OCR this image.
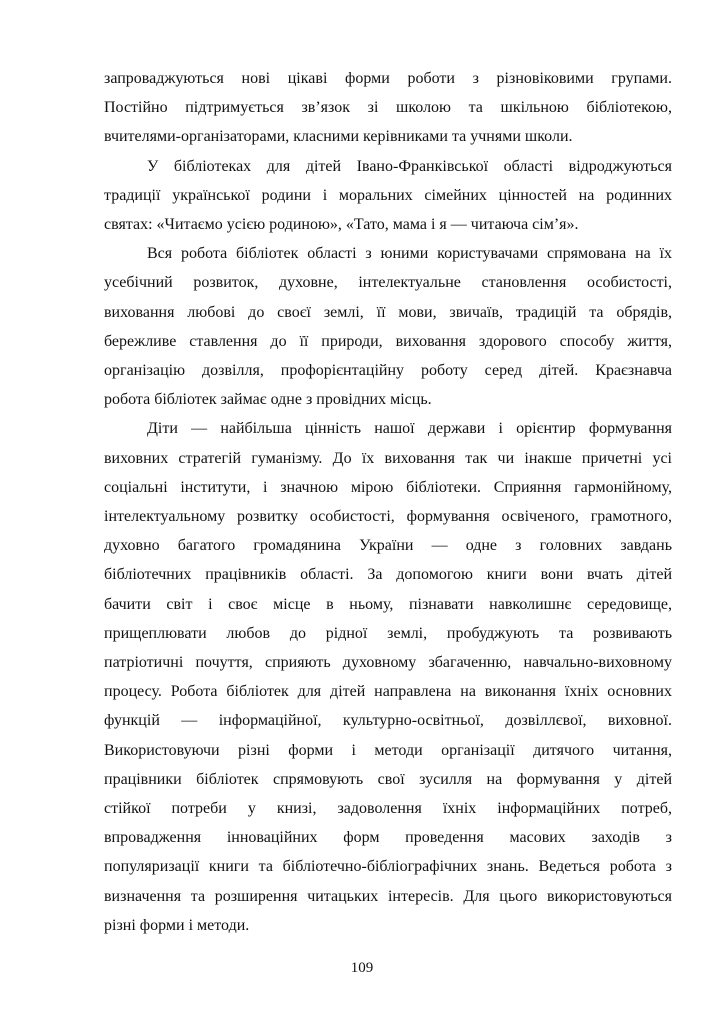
запроваджуються нові цікаві форми роботи з різновіковими групами.
Постійно підтримується зв’язок зі школою та шкільною бібліотекою,
вчителями-організаторами, класними керівниками та учнями школи.

У бібліотеках для дітей Івано-Франківської області відроджуються
традиції української родини і моральних сімейних цінностей на родинних
святах: «Читаємо усією родиною», «Тато, мама і я — читаюча сім’я».

Вся робота бібліотек області з юними користувачами спрямована на їх
усебічний розвиток, духовне, інтелектуальне становлення особистості,
виховання любові до своєї землі, її мови, звичаїв, традицій та обрядів,
бережливе ставлення до її природи, виховання здорового способу життя,
організацію дозвілля, профорієнтаційну роботу серед дітей. Краєзнавча
робота бібліотек займає одне з провідних місць.

Діти — найбільша цінність нашої держави і орієнтир формування
виховних стратегій гуманізму. До їх виховання так чи інакше причетні усі
соціальні інститути, і значною мірою бібліотеки. Сприяння гармонійному,
інтелектуальному розвитку особистості, формування освіченого, грамотного,
духовно багатого громадянина України — одне з головних завдань
бібліотечних працівників області. За допомогою книги вони вчать дітей
бачити світ і своє місце в ньому, пізнавати навколишнє середовище,
прищеплювати любов до рідної землі, пробуджують та розвивають
патріотичні почуття, сприяють духовному збагаченню, навчально-виховному
процесу. Робота бібліотек для дітей направлена на виконання їхніх основних
функцій — інформаційної, культурно-освітньої, дозвіллєвої, виховної.
Використовуючи різні форми і методи організації дитячого читання,
працівники бібліотек спрямовують свої зусилля на формування у дітей
стійкої потреби у книзі, задоволення їхніх інформаційних потреб,
впровадження інноваційних форм проведення масових заходів з
популяризації книги та бібліотечно-бібліографічних знань. Ведеться робота з
визначення та розширення читацьких інтересів. Для цього використовуються
різні форми і методи.

109
